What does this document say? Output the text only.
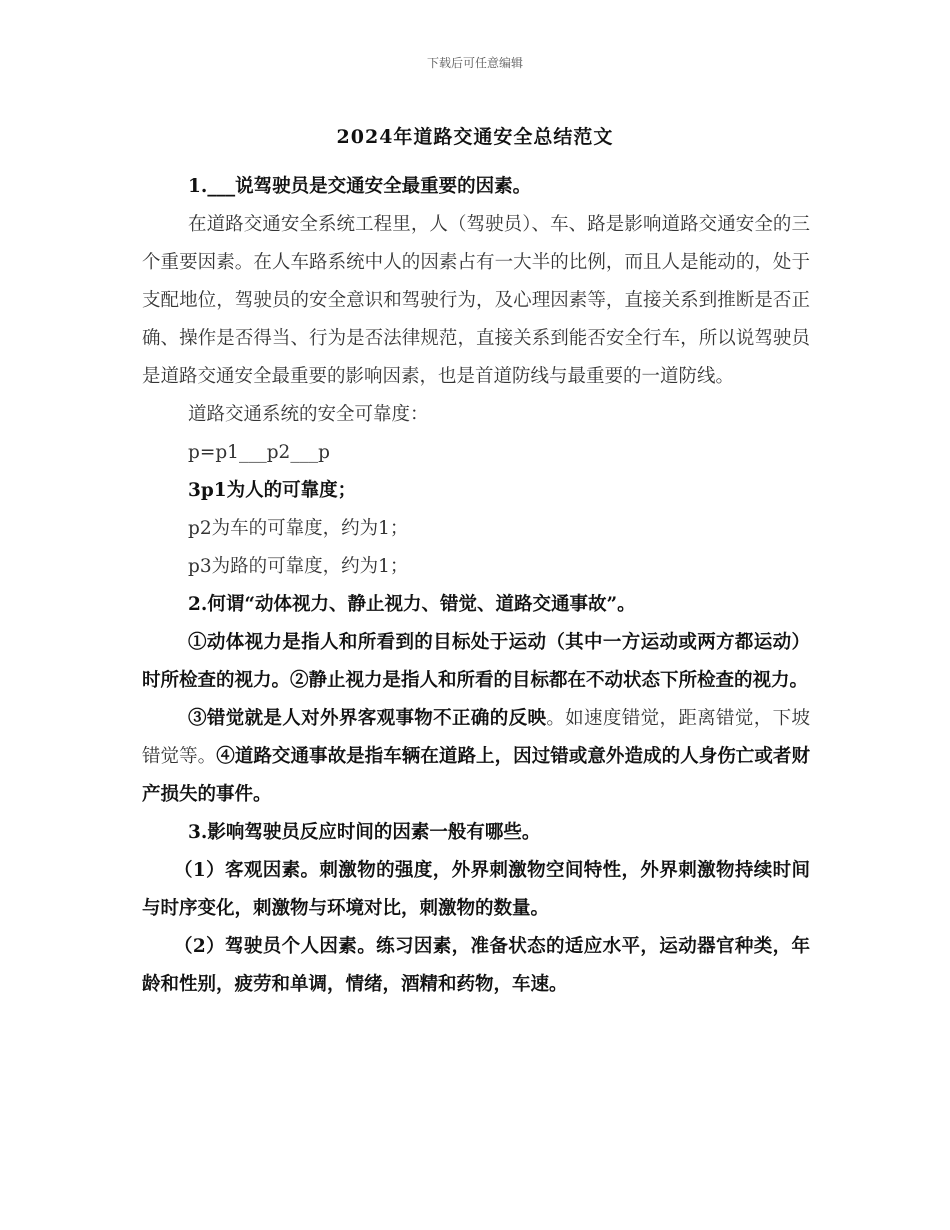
下载后可任意编辑
2024年道路交通安全总结范文

1.___说驾驶员是交通安全最重要的因素。

在道路交通安全系统工程里，人（驾驶员）、车、路是影响道路交通安全的三个重要因素。在人车路系统中人的因素占有一大半的比例，而且人是能动的，处于支配地位，驾驶员的安全意识和驾驶行为，及心理因素等，直接关系到推断是否正确、操作是否得当、行为是否法律规范，直接关系到能否安全行车，所以说驾驶员是道路交通安全最重要的影响因素，也是首道防线与最重要的一道防线。

道路交通系统的安全可靠度：

p=p1___p2___p

3p1为人的可靠度；

p2为车的可靠度，约为1；

p3为路的可靠度，约为1；

2.何谓“动体视力、静止视力、错觉、道路交通事故”。

①动体视力是指人和所看到的目标处于运动（其中一方运动或两方都运动）时所检查的视力。②静止视力是指人和所看的目标都在不动状态下所检查的视力。

③错觉就是人对外界客观事物不正确的反映。如速度错觉，距离错觉，下坡错觉等。④道路交通事故是指车辆在道路上，因过错或意外造成的人身伤亡或者财产损失的事件。

3.影响驾驶员反应时间的因素一般有哪些。

（1）客观因素。刺激物的强度，外界刺激物空间特性，外界刺激物持续时间与时序变化，刺激物与环境对比，刺激物的数量。

（2）驾驶员个人因素。练习因素，准备状态的适应水平，运动器官种类，年龄和性别，疲劳和单调，情绪，酒精和药物，车速。
